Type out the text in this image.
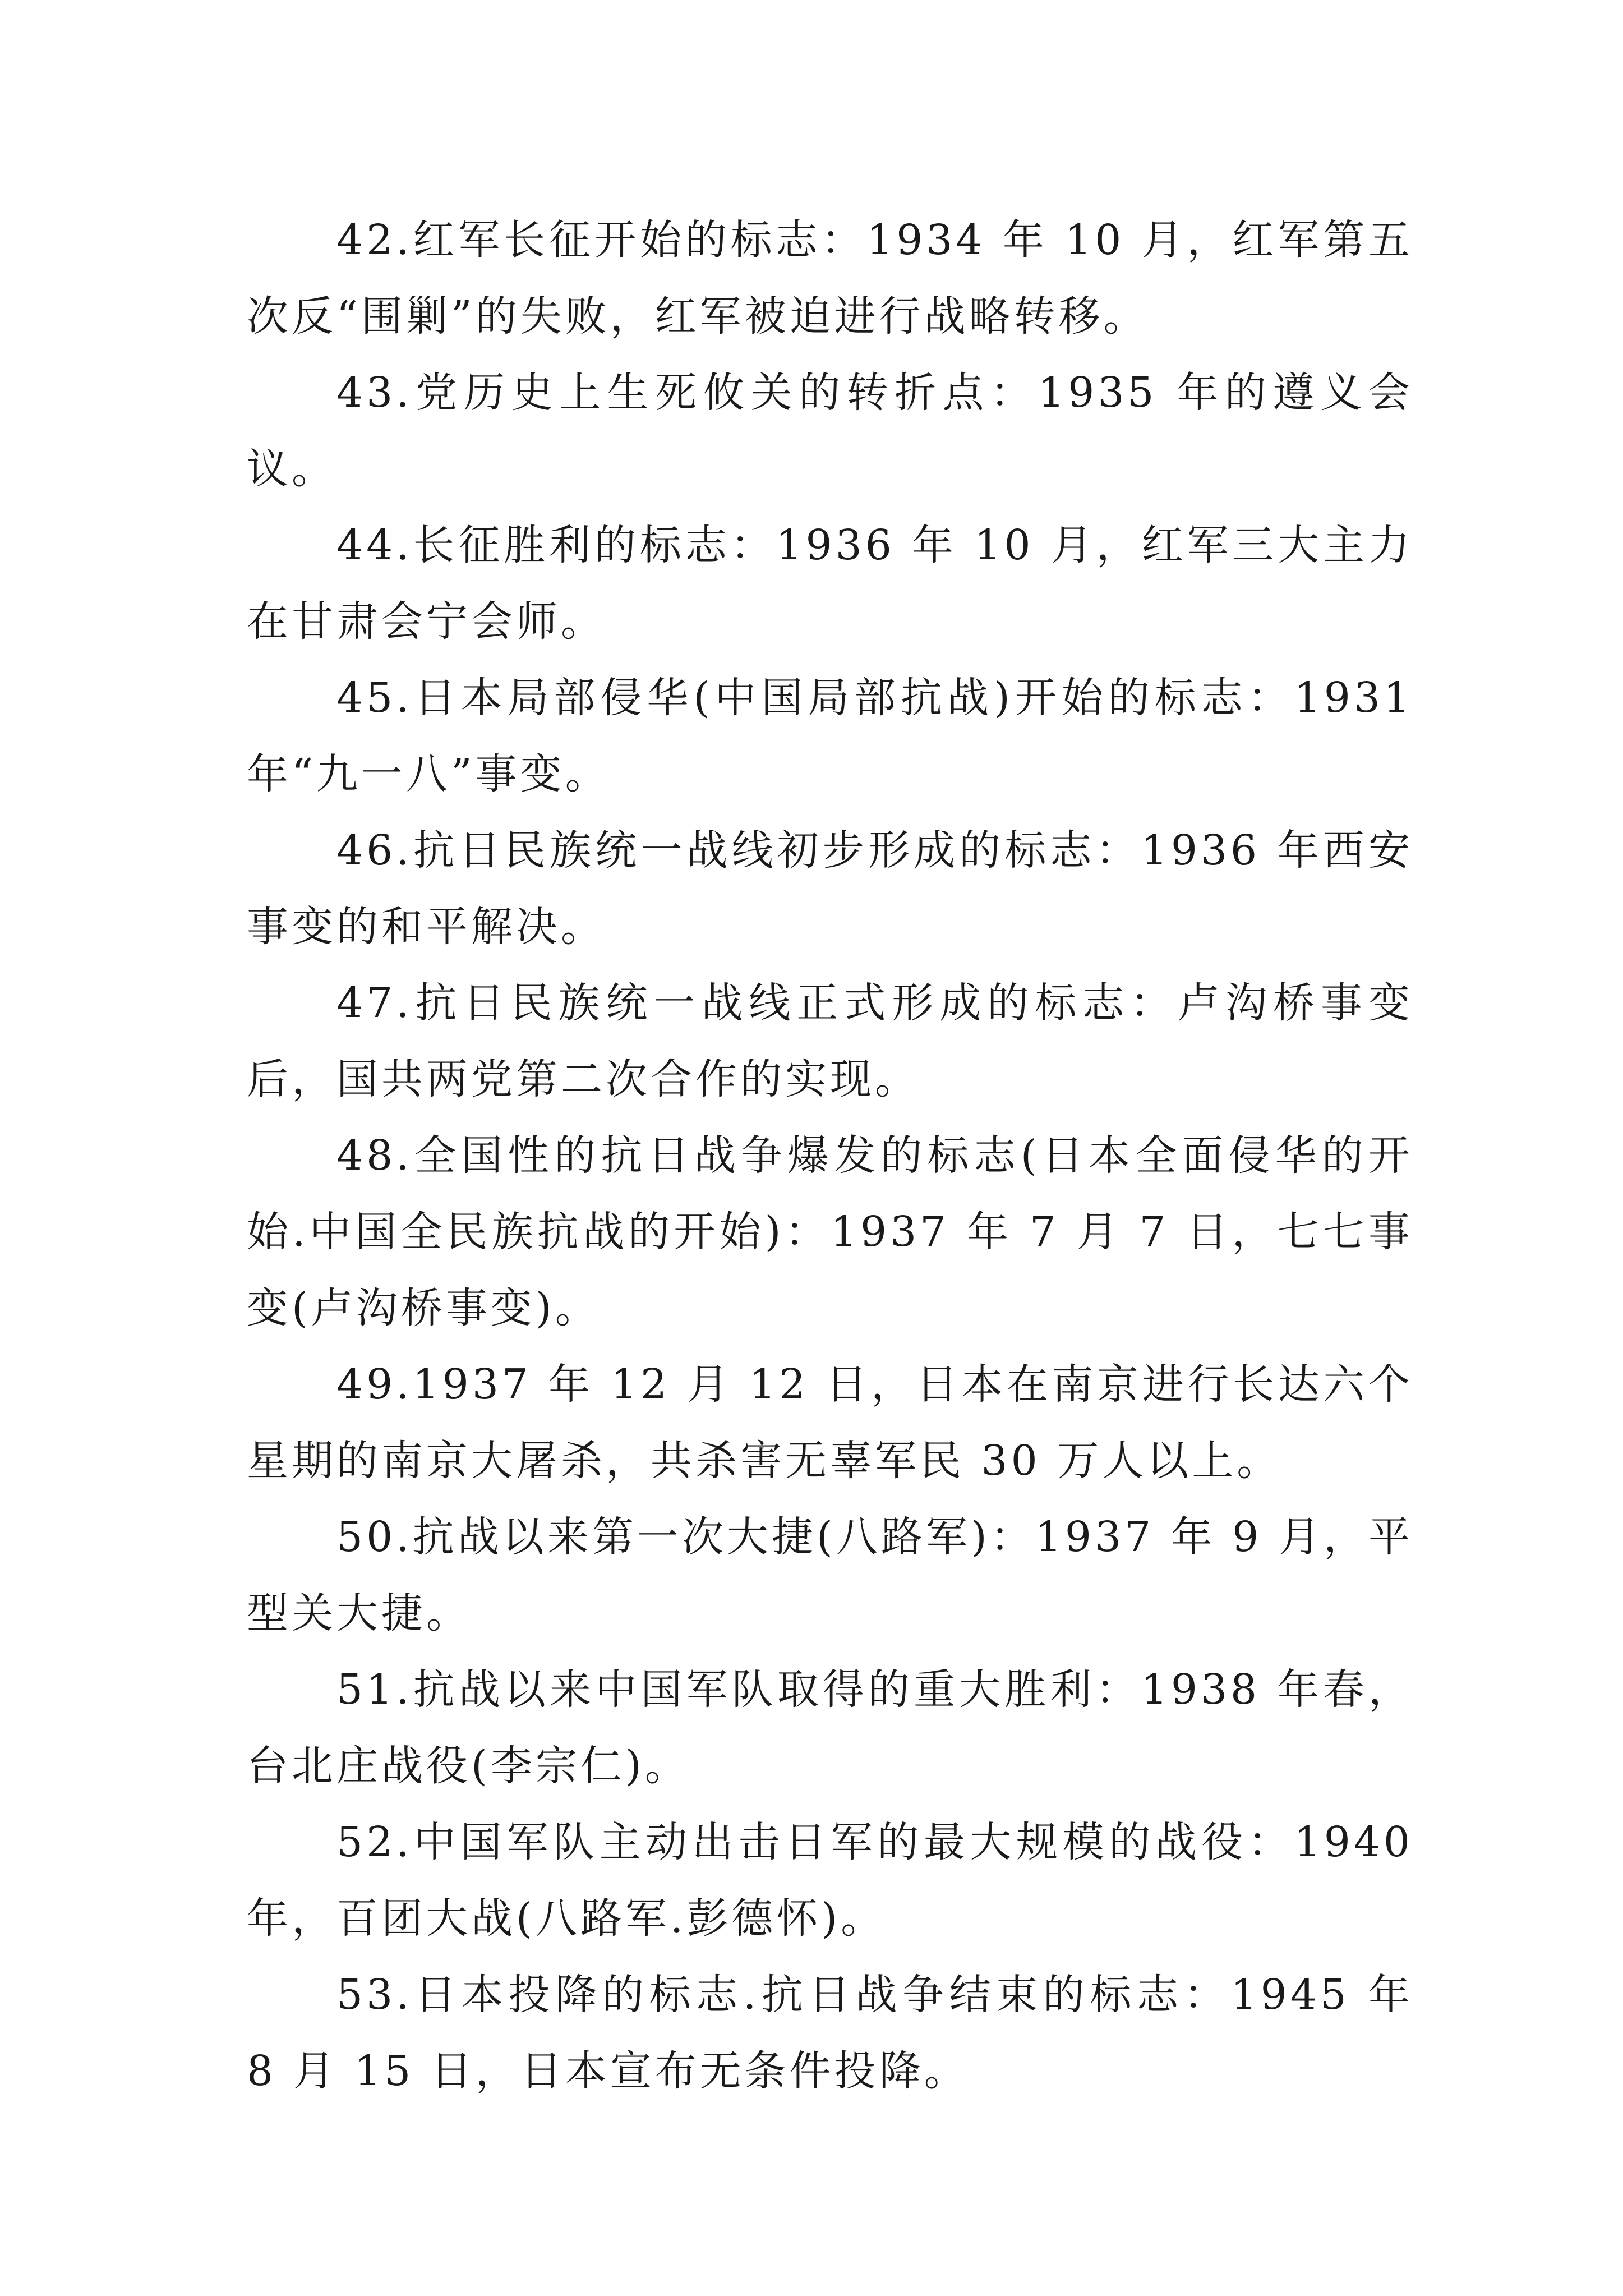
42.红军长征开始的标志：1934 年 10 月，红军第五次反“围剿”的失败，红军被迫进行战略转移。

43.党历史上生死攸关的转折点：1935 年的遵义会议。

44.长征胜利的标志：1936 年 10 月，红军三大主力在甘肃会宁会师。

45.日本局部侵华(中国局部抗战)开始的标志：1931 年“九一八”事变。

46.抗日民族统一战线初步形成的标志：1936 年西安事变的和平解决。

47.抗日民族统一战线正式形成的标志：卢沟桥事变后，国共两党第二次合作的实现。

48.全国性的抗日战争爆发的标志(日本全面侵华的开始.中国全民族抗战的开始)：1937 年 7 月 7 日，七七事变(卢沟桥事变)。

49.1937 年 12 月 12 日，日本在南京进行长达六个星期的南京大屠杀，共杀害无辜军民 30 万人以上。

50.抗战以来第一次大捷(八路军)：1937 年 9 月，平型关大捷。

51.抗战以来中国军队取得的重大胜利：1938 年春，台北庄战役(李宗仁)。

52.中国军队主动出击日军的最大规模的战役：1940 年，百团大战(八路军.彭德怀)。

53.日本投降的标志.抗日战争结束的标志：1945 年 8 月 15 日，日本宣布无条件投降。
